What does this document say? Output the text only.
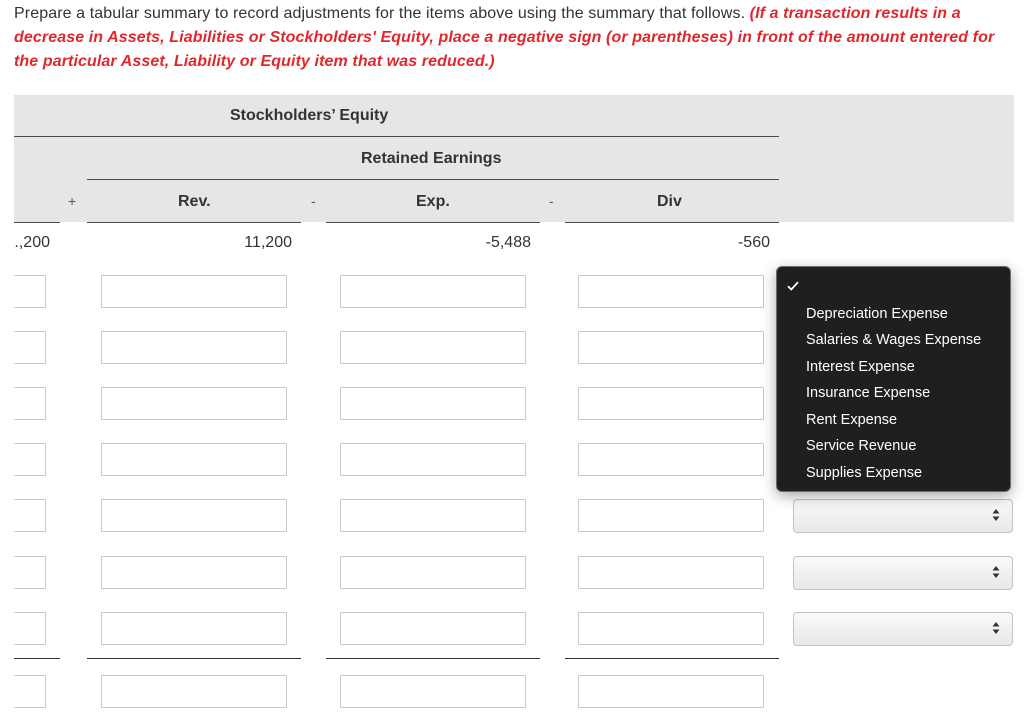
Prepare a tabular summary to record adjustments for the items above using the summary that follows. (If a transaction results in a decrease in Assets, Liabilities or Stockholders' Equity, place a negative sign (or parentheses) in front of the amount entered for the particular Asset, Liability or Equity item that was reduced.)
Stockholders’ Equity
Retained Earnings
+	Rev.	-	Exp.	-	Div
.,200	11,200	-5,488	-560
Depreciation Expense
Salaries & Wages Expense
Interest Expense
Insurance Expense
Rent Expense
Service Revenue
Supplies Expense
